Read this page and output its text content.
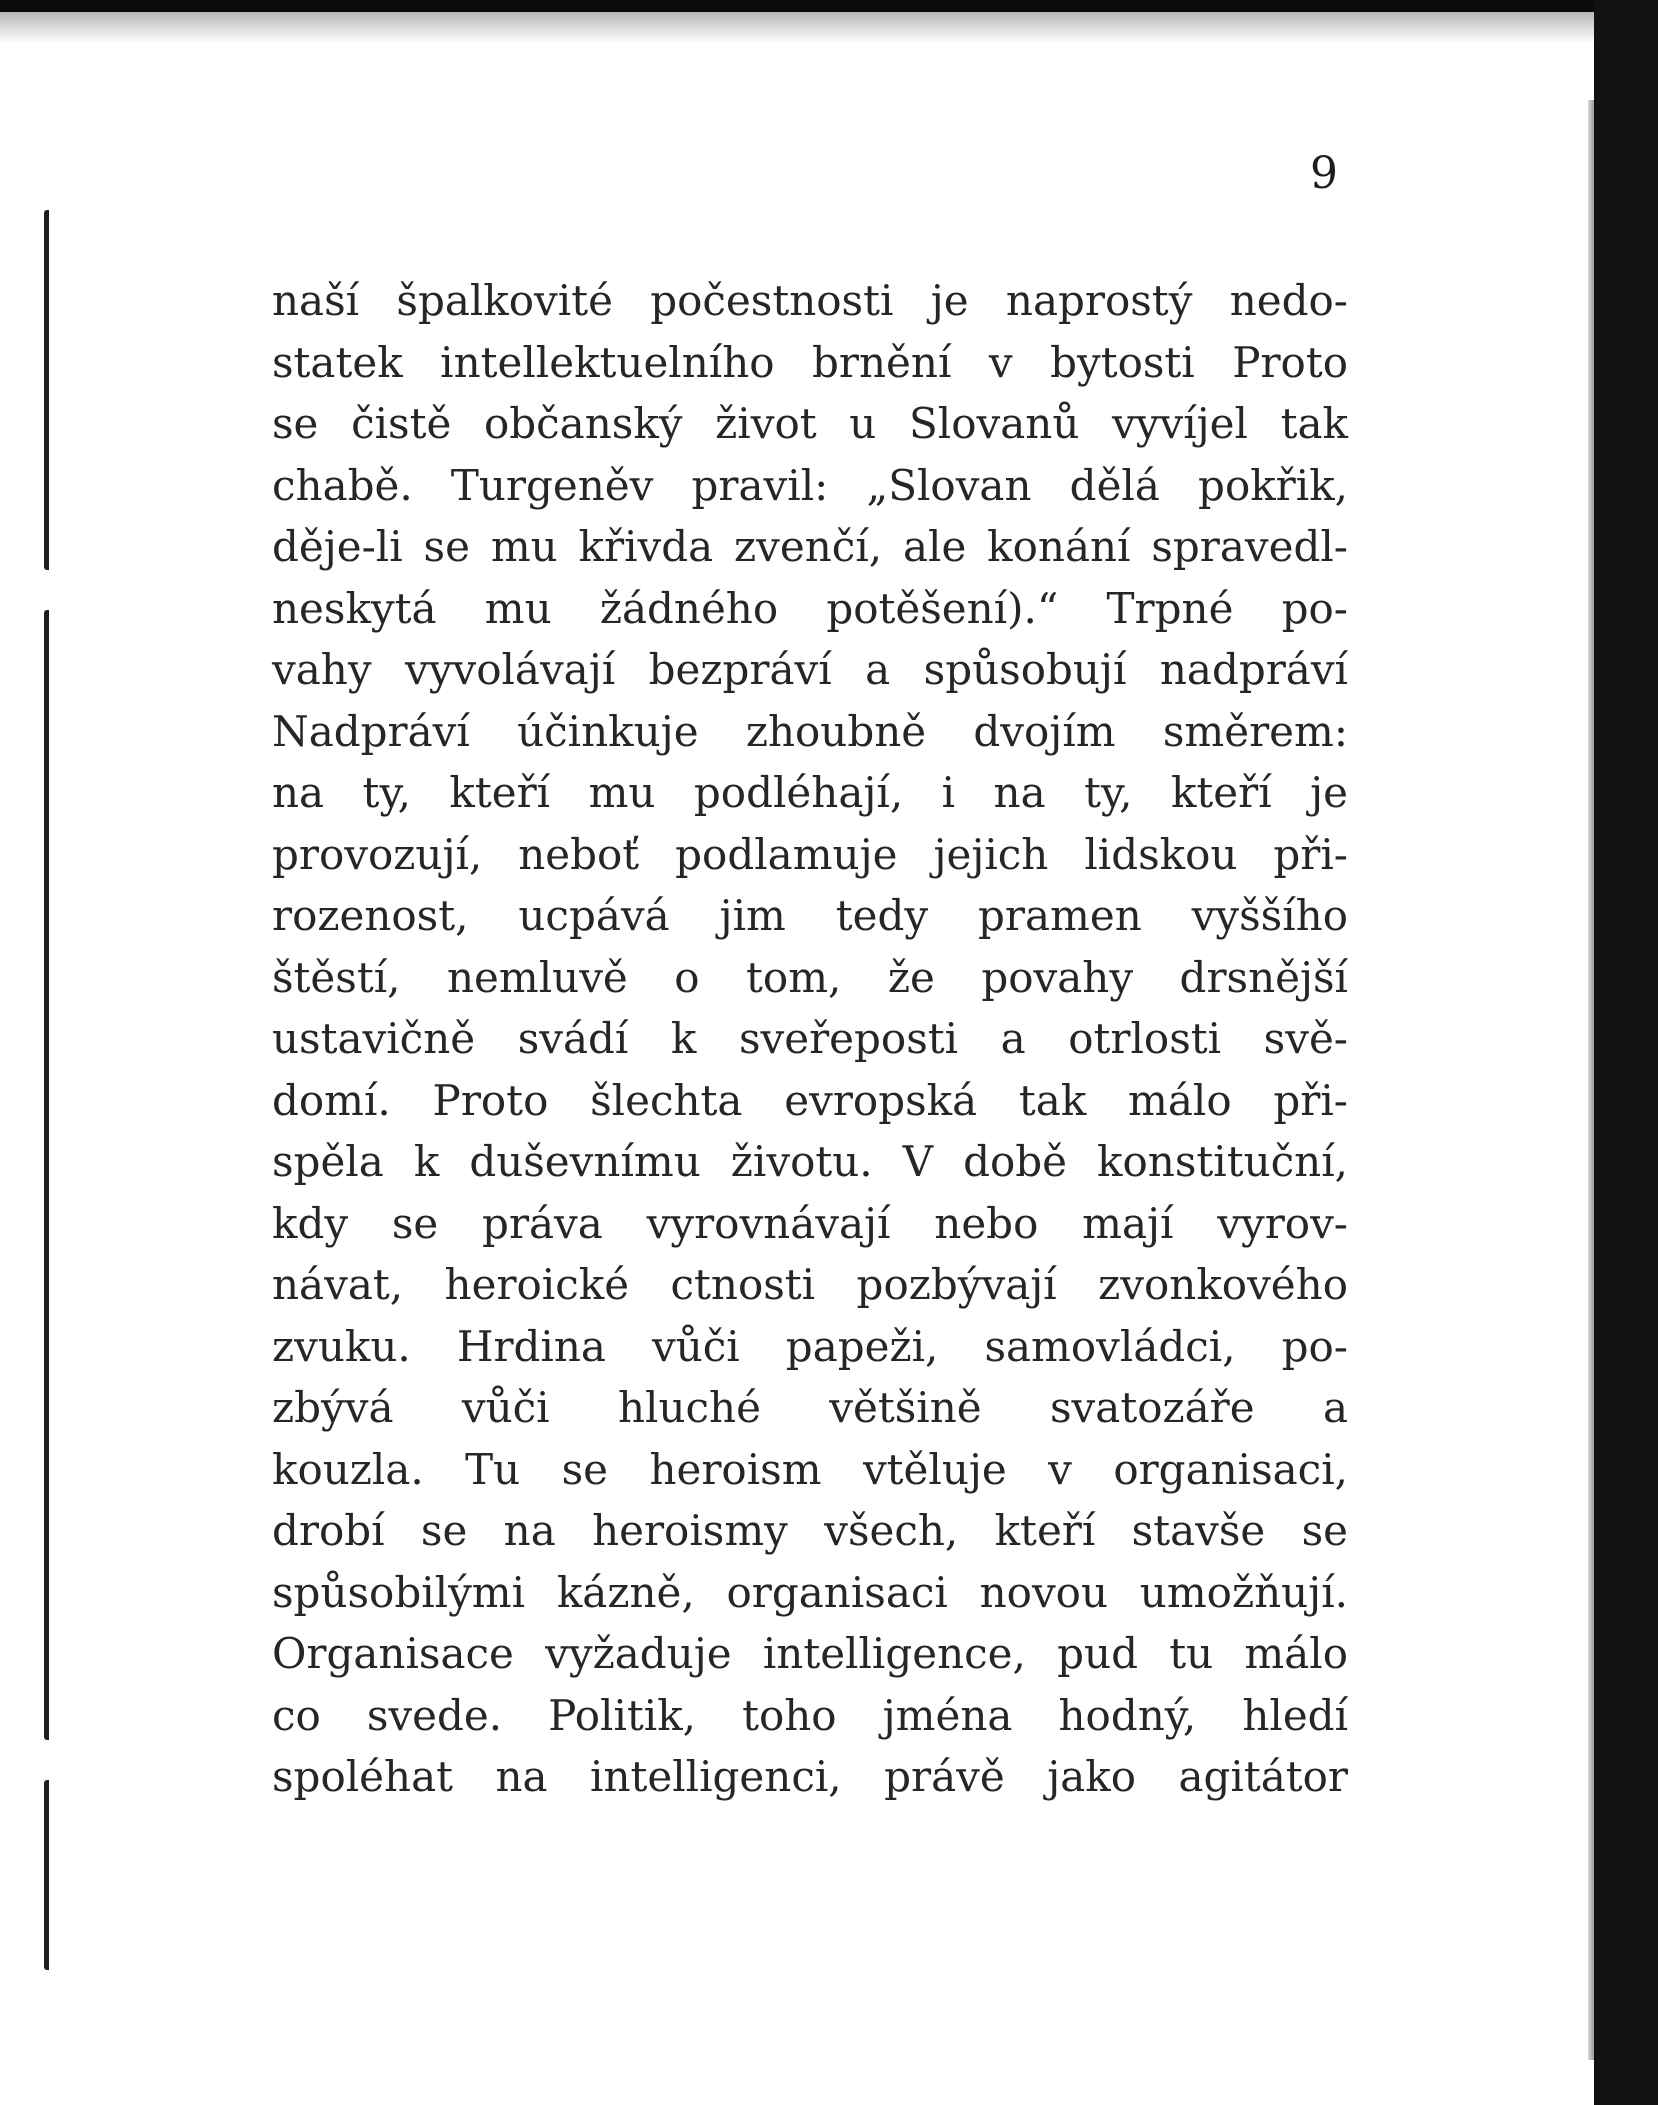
9

naší špalkovité počestnosti je naprostý nedo-
statek intellektuelního brnění v bytosti Proto
se čistě občanský život u Slovanů vyvíjel tak
chabě. Turgeněv pravil: „Slovan dělá pokřik,
děje-li se mu křivda zvenčí, ale konání spravedl-
neskytá mu žádného potěšení).“ Trpné po-
vahy vyvolávají bezpráví a spůsobují nadpráví
Nadpráví účinkuje zhoubně dvojím směrem:
na ty, kteří mu podléhají, i na ty, kteří je
provozují, neboť podlamuje jejich lidskou při-
rozenost, ucpává jim tedy pramen vyššího
štěstí, nemluvě o tom, že povahy drsnější
ustavičně svádí k sveřeposti a otrlosti svě-
domí. Proto šlechta evropská tak málo při-
spěla k duševnímu životu. V době konstituční,
kdy se práva vyrovnávají nebo mají vyrov-
návat, heroické ctnosti pozbývají zvonkového
zvuku. Hrdina vůči papeži, samovládci, po-
zbývá vůči hluché většině svatozáře a
kouzla. Tu se heroism vtěluje v organisaci,
drobí se na heroismy všech, kteří stavše se
spůsobilými kázně, organisaci novou umožňují.
Organisace vyžaduje intelligence, pud tu málo
co svede. Politik, toho jména hodný, hledí
spoléhat na intelligenci, právě jako agitátor
